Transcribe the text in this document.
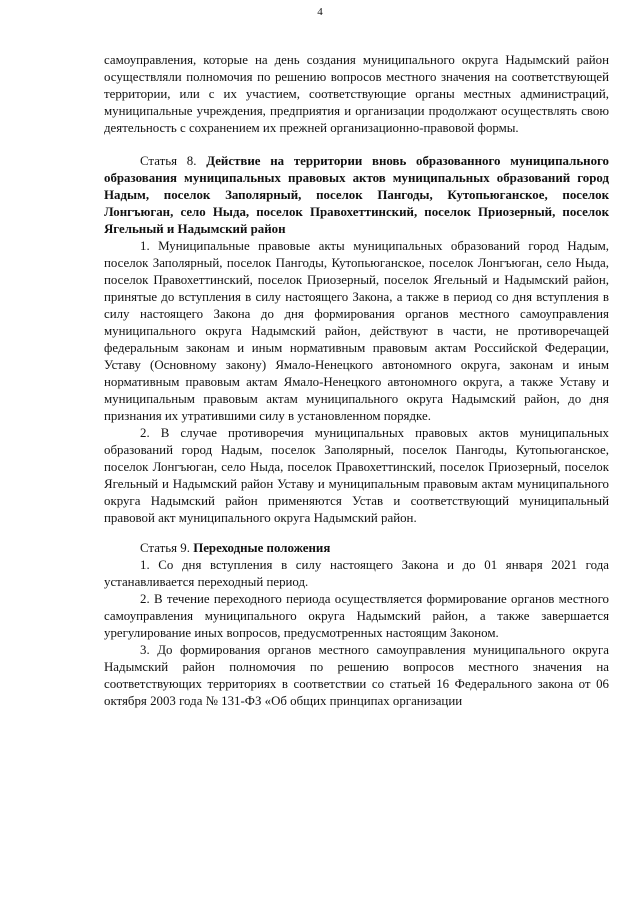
4

самоуправления, которые на день создания муниципального округа Надымский район осуществляли полномочия по решению вопросов местного значения на соответствующей территории, или с их участием, соответствующие органы местных администраций, муниципальные учреждения, предприятия и организации продолжают осуществлять свою деятельность с сохранением их прежней организационно-правовой формы.

Статья 8. Действие на территории вновь образованного муниципального образования муниципальных правовых актов муниципальных образований город Надым, поселок Заполярный, поселок Пангоды, Кутопьюганское, поселок Лонгъюган, село Ныда, поселок Правохеттинский, поселок Приозерный, поселок Ягельный и Надымский район

1. Муниципальные правовые акты муниципальных образований город Надым, поселок Заполярный, поселок Пангоды, Кутопьюганское, поселок Лонгъюган, село Ныда, поселок Правохеттинский, поселок Приозерный, поселок Ягельный и Надымский район, принятые до вступления в силу настоящего Закона, а также в период со дня вступления в силу настоящего Закона до дня формирования органов местного самоуправления муниципального округа Надымский район, действуют в части, не противоречащей федеральным законам и иным нормативным правовым актам Российской Федерации, Уставу (Основному закону) Ямало-Ненецкого автономного округа, законам и иным нормативным правовым актам Ямало-Ненецкого автономного округа, а также Уставу и муниципальным правовым актам муниципального округа Надымский район, до дня признания их утратившими силу в установленном порядке.

2. В случае противоречия муниципальных правовых актов муниципальных образований город Надым, поселок Заполярный, поселок Пангоды, Кутопьюганское, поселок Лонгъюган, село Ныда, поселок Правохеттинский, поселок Приозерный, поселок Ягельный и Надымский район Уставу и муниципальным правовым актам муниципального округа Надымский район применяются Устав и соответствующий муниципальный правовой акт муниципального округа Надымский район.

Статья 9. Переходные положения

1. Со дня вступления в силу настоящего Закона и до 01 января 2021 года устанавливается переходный период.

2. В течение переходного периода осуществляется формирование органов местного самоуправления муниципального округа Надымский район, а также завершается урегулирование иных вопросов, предусмотренных настоящим Законом.

3. До формирования органов местного самоуправления муниципального округа Надымский район полномочия по решению вопросов местного значения на соответствующих территориях в соответствии со статьей 16 Федерального закона от 06 октября 2003 года № 131-ФЗ «Об общих принципах организации
